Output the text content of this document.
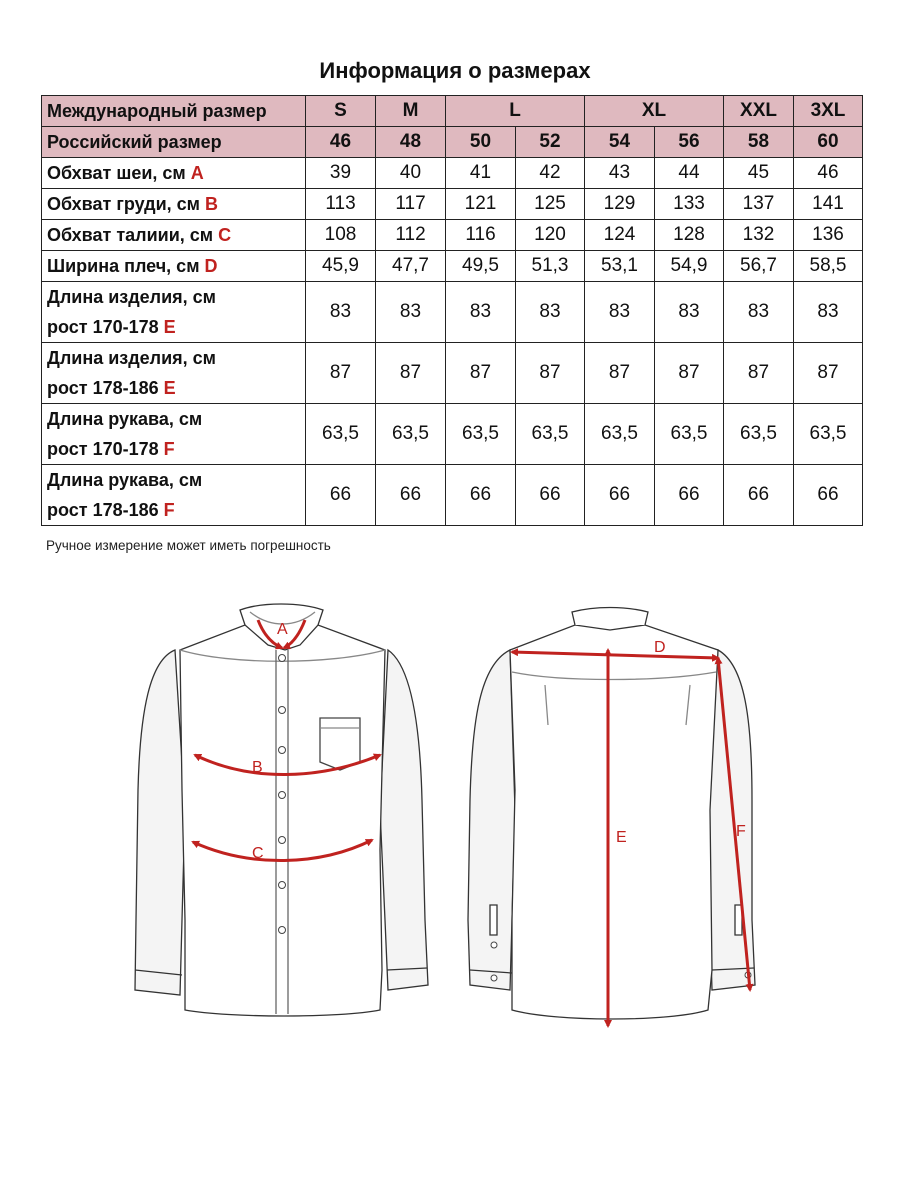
Информация о размерах
Международный размер	S	M	L		XL		XXL	3XL
Российский размер	46	48	50	52	54	56	58	60
Обхват шеи, см A	39	40	41	42	43	44	45	46
Обхват груди, см B	113	117	121	125	129	133	137	141
Обхват талиии, см C	108	112	116	120	124	128	132	136
Ширина плеч, см D	45,9	47,7	49,5	51,3	53,1	54,9	56,7	58,5
Длина изделия, см
рост 170-178 E	83	83	83	83	83	83	83	83
Длина изделия, см
рост 178-186 E	87	87	87	87	87	87	87	87
Длина рукава, см
рост 170-178 F	63,5	63,5	63,5	63,5	63,5	63,5	63,5	63,5
Длина рукава, см
рост 178-186 F	66	66	66	66	66	66	66	66
Ручное измерение может иметь погрешность
A
B
C
D
E	F
